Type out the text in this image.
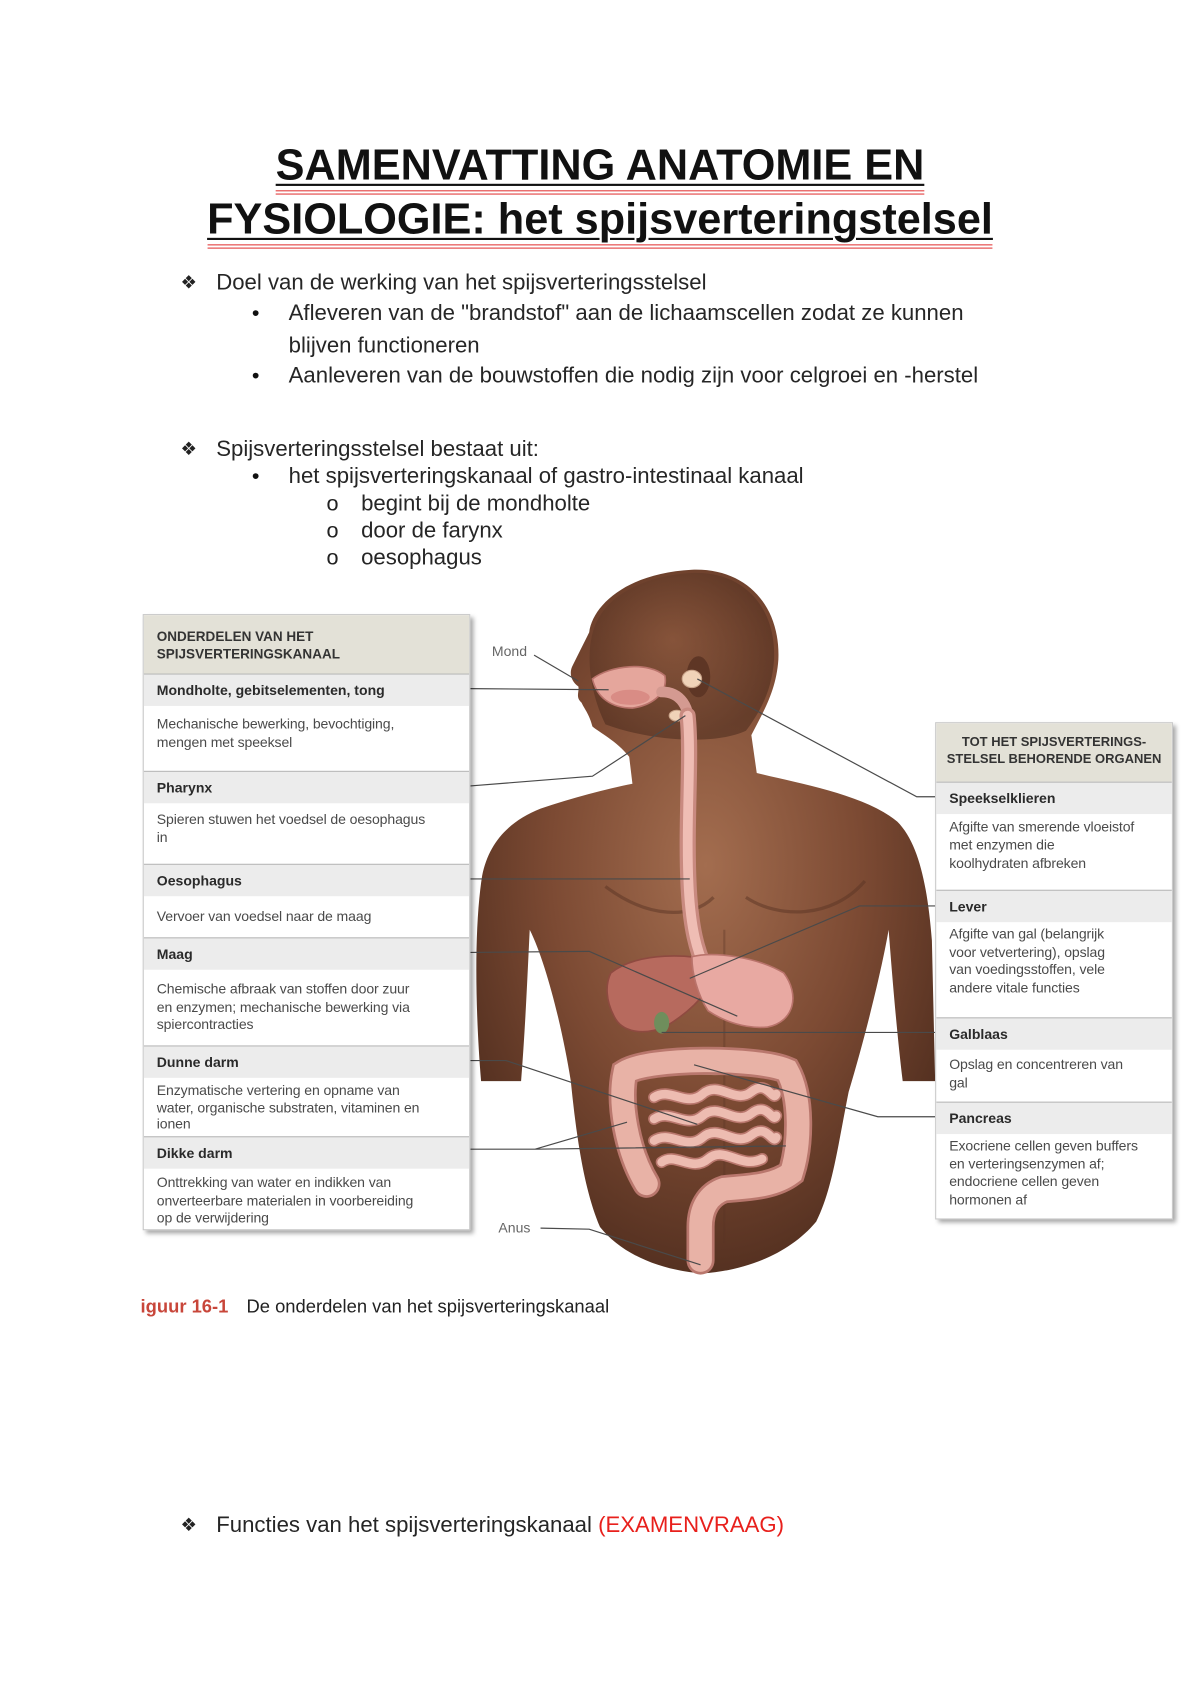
SAMENVATTING ANATOMIE EN
FYSIOLOGIE: het spijsverteringstelsel
❖ Doel van de werking van het spijsverteringsstelsel
• Afleveren van de "brandstof" aan de lichaamscellen zodat ze kunnen
blijven functioneren
• Aanleveren van de bouwstoffen die nodig zijn voor celgroei en -herstel
❖ Spijsverteringsstelsel bestaat uit:
• het spijsverteringskanaal of gastro-intestinaal kanaal
o begint bij de mondholte
o door de farynx
o oesophagus
Mond
Anus
ONDERDELEN VAN HET
SPIJSVERTERINGSKANAAL
Mondholte, gebitselementen, tong
Mechanische bewerking, bevochtiging,
mengen met speeksel
Pharynx
Spieren stuwen het voedsel de oesophagus
in
Oesophagus
Vervoer van voedsel naar de maag
Maag
Chemische afbraak van stoffen door zuur
en enzymen; mechanische bewerking via
spiercontracties
Dunne darm
Enzymatische vertering en opname van
water, organische substraten, vitaminen en
ionen
Dikke darm
Onttrekking van water en indikken van
onverteerbare materialen in voorbereiding
op de verwijdering
TOT HET SPIJSVERTERINGS-
STELSEL BEHORENDE ORGANEN
Speekselklieren
Afgifte van smerende vloeistof
met enzymen die
koolhydraten afbreken
Lever
Afgifte van gal (belangrijk
voor vetvertering), opslag
van voedingsstoffen, vele
andere vitale functies
Galblaas
Opslag en concentreren van
gal
Pancreas
Exocriene cellen geven buffers
en verteringsenzymen af;
endocriene cellen geven
hormonen af
iguur 16-1 De onderdelen van het spijsverteringskanaal
❖ Functies van het spijsverteringskanaal (EXAMENVRAAG)
